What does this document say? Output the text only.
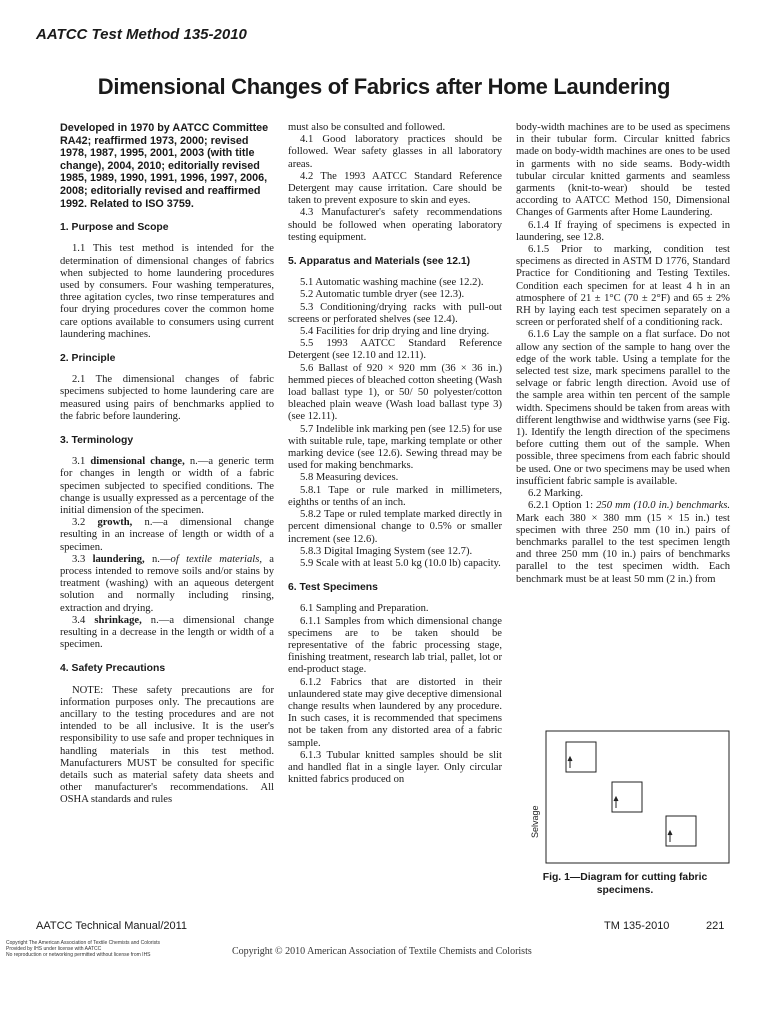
AATCC Test Method 135-2010
Dimensional Changes of Fabrics after Home Laundering

Developed in 1970 by AATCC Committee RA42; reaffirmed 1973, 2000; revised 1978, 1987, 1995, 2001, 2003 (with title change), 2004, 2010; editorially revised 1985, 1989, 1990, 1991, 1996, 1997, 2006, 2008; editorially revised and reaffirmed 1992. Related to ISO 3759.

1. Purpose and Scope

1.1 This test method is intended for the determination of dimensional changes of fabrics when subjected to home laundering procedures used by consumers. Four washing temperatures, three agitation cycles, two rinse temperatures and four drying procedures cover the common home care options available to consumers using current laundering machines.

2. Principle

2.1 The dimensional changes of fabric specimens subjected to home laundering care are measured using pairs of benchmarks applied to the fabric before laundering.

3. Terminology

3.1 dimensional change, n.—a generic term for changes in length or width of a fabric specimen subjected to specified conditions. The change is usually expressed as a percentage of the initial dimension of the specimen.

3.2 growth, n.—a dimensional change resulting in an increase of length or width of a specimen.

3.3 laundering, n.—of textile materials, a process intended to remove soils and/or stains by treatment (washing) with an aqueous detergent solution and normally including rinsing, extraction and drying.

3.4 shrinkage, n.—a dimensional change resulting in a decrease in the length or width of a specimen.

4. Safety Precautions

NOTE: These safety precautions are for information purposes only. The precautions are ancillary to the testing procedures and are not intended to be all inclusive. It is the user's responsibility to use safe and proper techniques in handling materials in this test method. Manufacturers MUST be consulted for specific details such as material safety data sheets and other manufacturer's recommendations. All OSHA standards and rules

must also be consulted and followed.

4.1 Good laboratory practices should be followed. Wear safety glasses in all laboratory areas.

4.2 The 1993 AATCC Standard Reference Detergent may cause irritation. Care should be taken to prevent exposure to skin and eyes.

4.3 Manufacturer's safety recommendations should be followed when operating laboratory testing equipment.

5. Apparatus and Materials (see 12.1)

5.1 Automatic washing machine (see 12.2).

5.2 Automatic tumble dryer (see 12.3).

5.3 Conditioning/drying racks with pull-out screens or perforated shelves (see 12.4).

5.4 Facilities for drip drying and line drying.

5.5 1993 AATCC Standard Reference Detergent (see 12.10 and 12.11).

5.6 Ballast of 920 × 920 mm (36 × 36 in.) hemmed pieces of bleached cotton sheeting (Wash load ballast type 1), or 50/ 50 polyester/cotton bleached plain weave (Wash load ballast type 3) (see 12.11).

5.7 Indelible ink marking pen (see 12.5) for use with suitable rule, tape, marking template or other marking device (see 12.6). Sewing thread may be used for making benchmarks.

5.8 Measuring devices.

5.8.1 Tape or rule marked in millimeters, eighths or tenths of an inch.

5.8.2 Tape or ruled template marked directly in percent dimensional change to 0.5% or smaller increment (see 12.6).

5.8.3 Digital Imaging System (see 12.7).

5.9 Scale with at least 5.0 kg (10.0 lb) capacity.

6. Test Specimens

6.1 Sampling and Preparation.

6.1.1 Samples from which dimensional change specimens are to be taken should be representative of the fabric processing stage, finishing treatment, research lab trial, pallet, lot or end-product stage.

6.1.2 Fabrics that are distorted in their unlaundered state may give deceptive dimensional change results when laundered by any procedure. In such cases, it is recommended that specimens not be taken from any distorted area of a fabric sample.

6.1.3 Tubular knitted samples should be slit and handled flat in a single layer. Only circular knitted fabrics produced on

body-width machines are to be used as specimens in their tubular form. Circular knitted fabrics made on body-width machines are ones to be used in garments with no side seams. Body-width tubular circular knitted garments and seamless garments (knit-to-wear) should be tested according to AATCC Method 150, Dimensional Changes of Garments after Home Laundering.

6.1.4 If fraying of specimens is expected in laundering, see 12.8.

6.1.5 Prior to marking, condition test specimens as directed in ASTM D 1776, Standard Practice for Conditioning and Testing Textiles. Condition each specimen for at least 4 h in an atmosphere of 21 ± 1°C (70 ± 2°F) and 65 ± 2% RH by laying each test specimen separately on a screen or perforated shelf of a conditioning rack.

6.1.6 Lay the sample on a flat surface. Do not allow any section of the sample to hang over the edge of the work table. Using a template for the selected test size, mark specimens parallel to the selvage or fabric length direction. Avoid use of the sample area within ten percent of the sample width. Specimens should be taken from areas with different lengthwise and widthwise yarns (see Fig. 1). Identify the length direction of the specimens before cutting them out of the sample. When possible, three specimens from each fabric should be used. One or two specimens may be used when insufficient fabric sample is available.

6.2 Marking.

6.2.1 Option 1: 250 mm (10.0 in.) benchmarks. Mark each 380 × 380 mm (15 × 15 in.) test specimen with three 250 mm (10 in.) pairs of benchmarks parallel to the test specimen length and three 250 mm (10 in.) pairs of benchmarks parallel to the test specimen width. Each benchmark must be at least 50 mm (2 in.) from

Selvage

Fig. 1—Diagram for cutting fabric specimens.

AATCC Technical Manual/2011	TM 135-2010	221

Copyright The American Association of Textile Chemists and Colorists
Provided by IHS under license with AATCC
No reproduction or networking permitted without license from IHS	Copyright © 2010 American Association of Textile Chemists and Colorists
